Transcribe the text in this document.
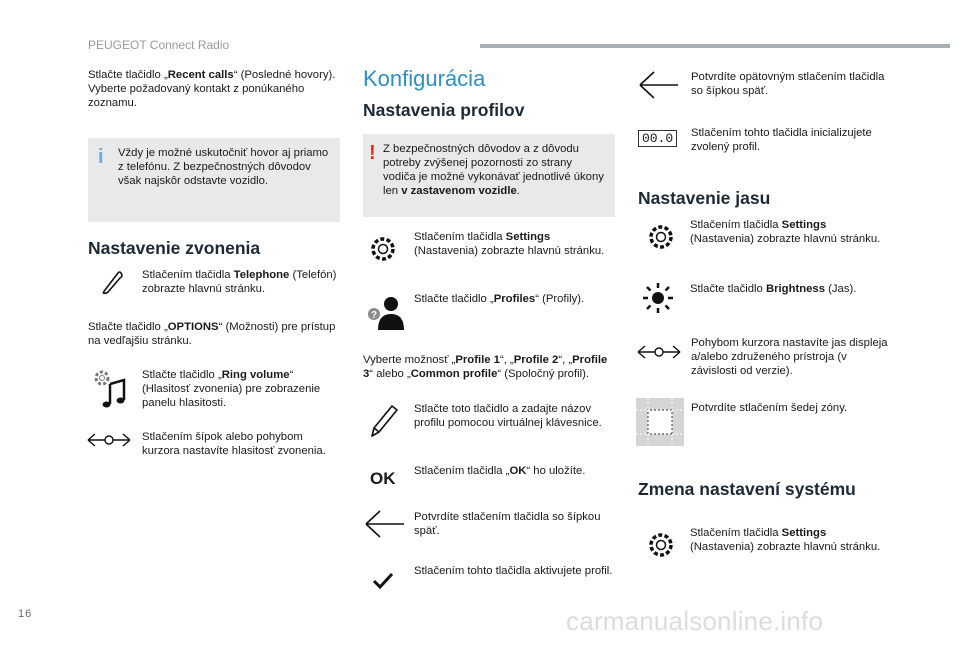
PEUGEOT Connect Radio

Stlačte tlačidlo „Recent calls“ (Posledné hovory).

Vyberte požadovaný kontakt z ponúkaného zoznamu.

i Vždy je možné uskutočniť hovor aj priamo z telefónu. Z bezpečnostných dôvodov však najskôr odstavte vozidlo.

Nastavenie zvonenia

Stlačením tlačidla Telephone (Telefón) zobrazte hlavnú stránku.

Stlačte tlačidlo „OPTIONS“ (Možnosti) pre prístup na vedľajšiu stránku.

Stlačte tlačidlo „Ring volume“ (Hlasitosť zvonenia) pre zobrazenie panelu hlasitosti.

Stlačením šípok alebo pohybom kurzora nastavíte hlasitosť zvonenia.

Konfigurácia
Nastavenia profilov
! Z bezpečnostných dôvodov a z dôvodu potreby zvýšenej pozornosti zo strany vodiča je možné vykonávať jednotlivé úkony len v zastavenom vozidle.

Stlačením tlačidla Settings (Nastavenia) zobrazte hlavnú stránku.

?

Stlačte tlačidlo „Profiles“ (Profily).

Vyberte možnosť „Profile 1“, „Profile 2“, „Profile 3“ alebo „Common profile“ (Spoločný profil).

Stlačte toto tlačidlo a zadajte názov profilu pomocou virtuálnej klávesnice.

OK	Stlačením tlačidla „OK“ ho uložíte.

Potvrdíte stlačením tlačidla so šípkou späť.

Stlačením tohto tlačidla aktivujete profil.

Potvrdíte opätovným stlačením tlačidla so šípkou späť.

00.0	Stlačením tohto tlačidla inicializujete zvolený profil.

Nastavenie jasu

Stlačením tlačidla Settings (Nastavenia) zobrazte hlavnú stránku.

Stlačte tlačidlo Brightness (Jas).

Pohybom kurzora nastavíte jas displeja a/alebo združeného prístroja (v závislosti od verzie).

Potvrdíte stlačením šedej zóny.

Zmena nastavení systému

Stlačením tlačidla Settings (Nastavenia) zobrazte hlavnú stránku.

16	carmanualsonline.info
